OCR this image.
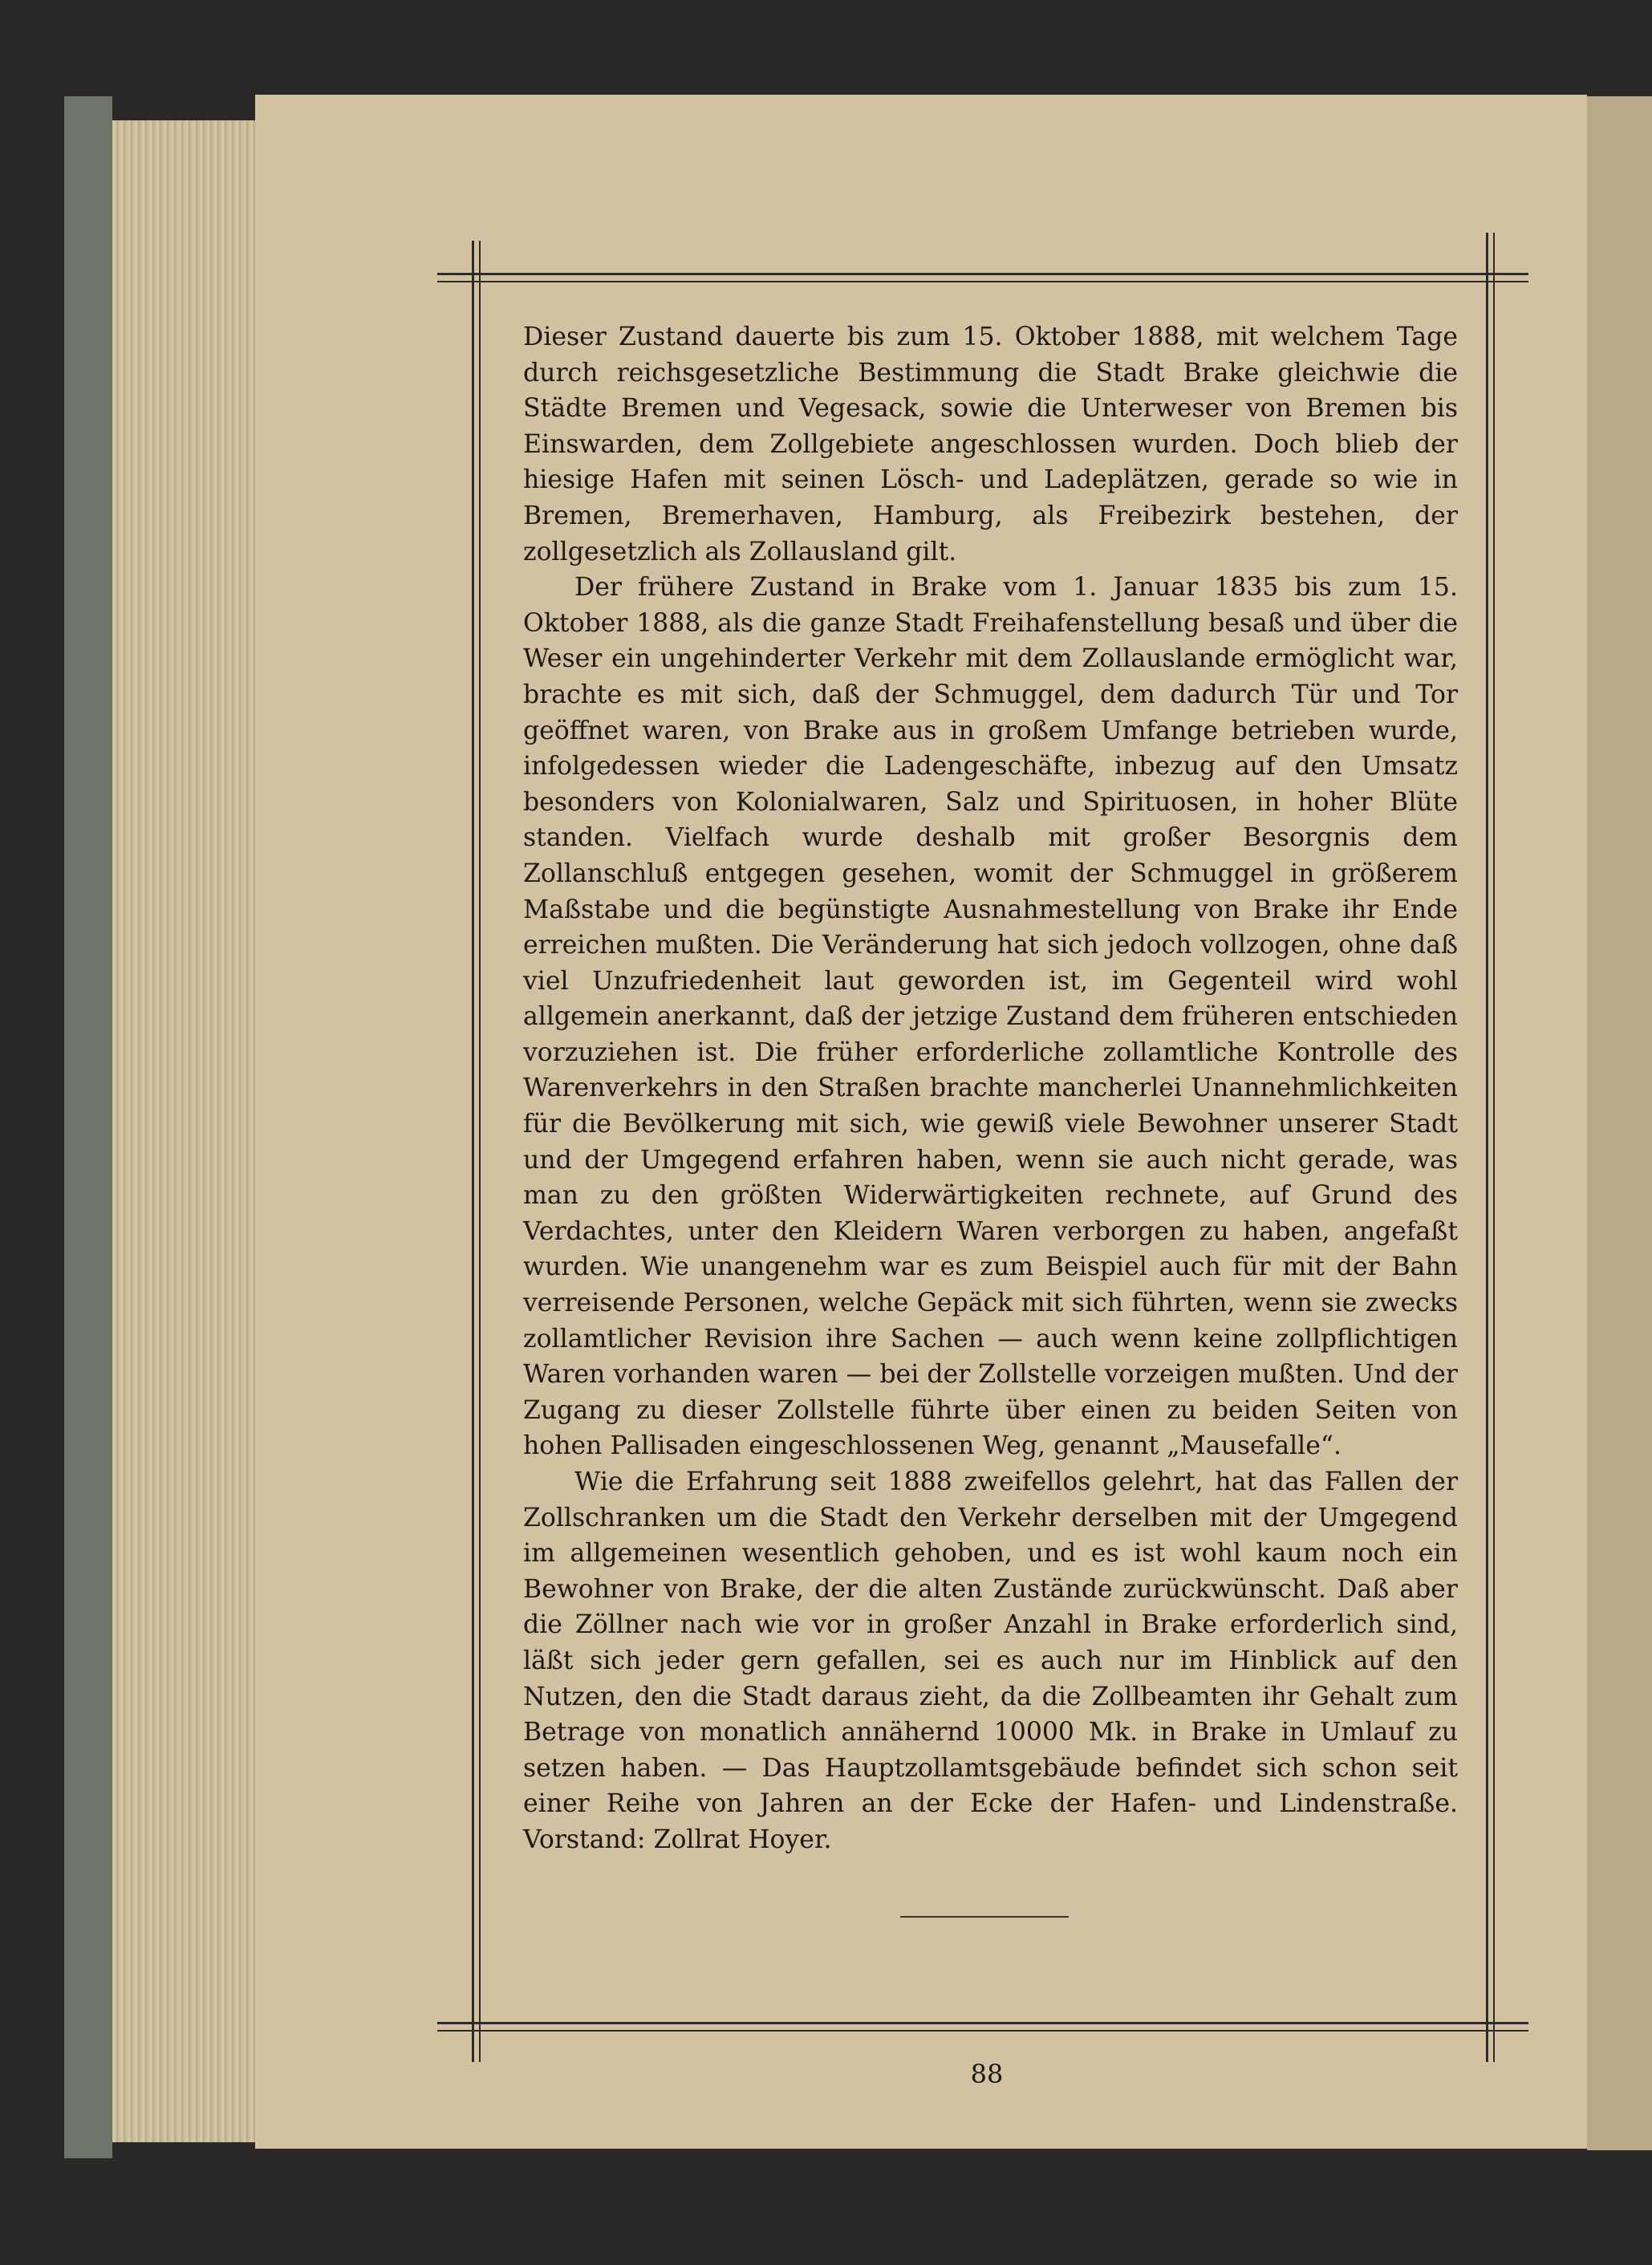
Dieser Zustand dauerte bis zum 15. Oktober 1888, mit welchem Tage durch reichsgesetzliche Bestimmung die Stadt Brake gleichwie die Städte Bremen und Vegesack, sowie die Unterweser von Bremen bis Einswarden, dem Zollgebiete angeschlossen wurden. Doch blieb der hiesige Hafen mit seinen Lösch- und Ladeplätzen, gerade so wie in Bremen, Bremerhaven, Hamburg, als Freibezirk bestehen, der zollgesetzlich als Zollausland gilt.

Der frühere Zustand in Brake vom 1. Januar 1835 bis zum 15. Oktober 1888, als die ganze Stadt Freihafenstellung besaß und über die Weser ein ungehinderter Verkehr mit dem Zollauslande ermöglicht war, brachte es mit sich, daß der Schmuggel, dem dadurch Tür und Tor geöffnet waren, von Brake aus in großem Umfange betrieben wurde, infolgedessen wieder die Ladengeschäfte, inbezug auf den Umsatz besonders von Kolonialwaren, Salz und Spirituosen, in hoher Blüte standen. Vielfach wurde deshalb mit großer Besorgnis dem Zollanschluß entgegen gesehen, womit der Schmuggel in größerem Maßstabe und die begünstigte Ausnahmestellung von Brake ihr Ende erreichen mußten. Die Veränderung hat sich jedoch vollzogen, ohne daß viel Unzufriedenheit laut geworden ist, im Gegenteil wird wohl allgemein anerkannt, daß der jetzige Zustand dem früheren entschieden vorzuziehen ist. Die früher erforderliche zollamtliche Kontrolle des Warenverkehrs in den Straßen brachte mancherlei Unannehmlichkeiten für die Bevölkerung mit sich, wie gewiß viele Bewohner unserer Stadt und der Umgegend erfahren haben, wenn sie auch nicht gerade, was man zu den größten Widerwärtigkeiten rechnete, auf Grund des Verdachtes, unter den Kleidern Waren verborgen zu haben, angefaßt wurden. Wie unangenehm war es zum Beispiel auch für mit der Bahn verreisende Personen, welche Gepäck mit sich führten, wenn sie zwecks zollamtlicher Revision ihre Sachen — auch wenn keine zollpflichtigen Waren vorhanden waren — bei der Zollstelle vorzeigen mußten. Und der Zugang zu dieser Zollstelle führte über einen zu beiden Seiten von hohen Pallisaden eingeschlossenen Weg, genannt „Mausefalle“.

Wie die Erfahrung seit 1888 zweifellos gelehrt, hat das Fallen der Zollschranken um die Stadt den Verkehr derselben mit der Umgegend im allgemeinen wesentlich gehoben, und es ist wohl kaum noch ein Bewohner von Brake, der die alten Zustände zurückwünscht. Daß aber die Zöllner nach wie vor in großer Anzahl in Brake erforderlich sind, läßt sich jeder gern gefallen, sei es auch nur im Hinblick auf den Nutzen, den die Stadt daraus zieht, da die Zollbeamten ihr Gehalt zum Betrage von monatlich annähernd 10000 Mk. in Brake in Umlauf zu setzen haben. — Das Hauptzollamtsgebäude befindet sich schon seit einer Reihe von Jahren an der Ecke der Hafen- und Lindenstraße. Vorstand: Zollrat Hoyer.

88
